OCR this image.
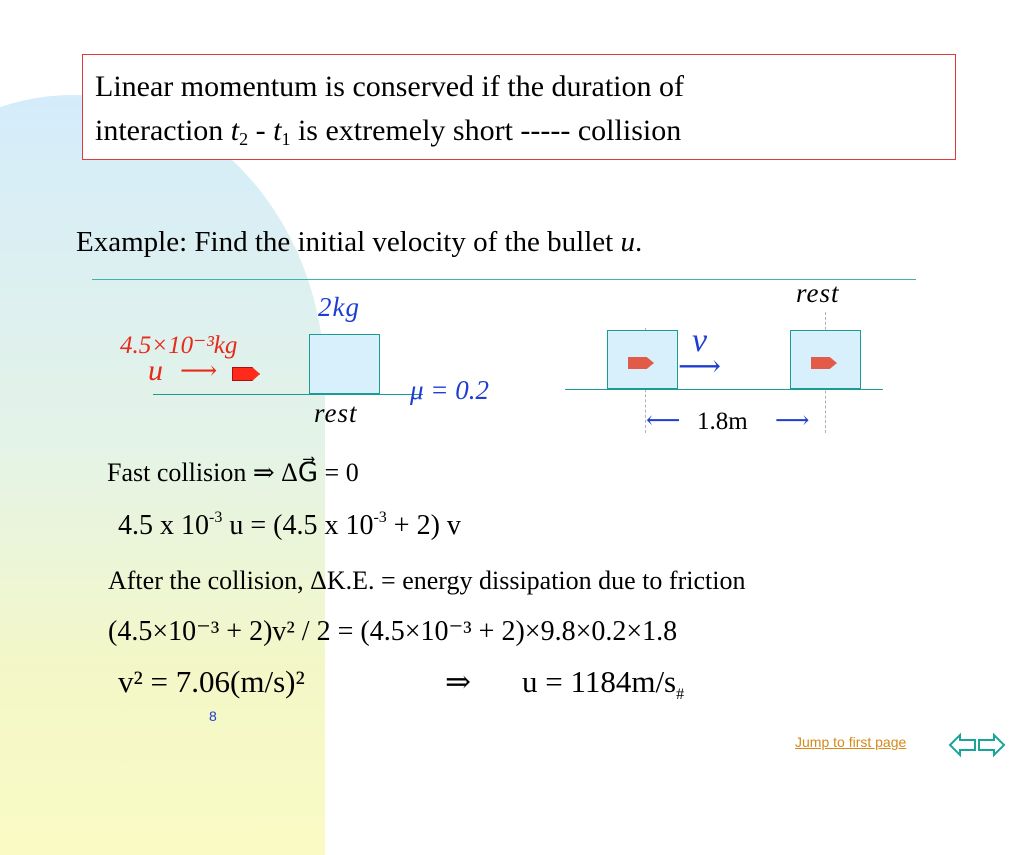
Linear momentum is conserved if the duration of
interaction $t_2 - t_1$ is extremely short ----- collision
Example: Find the initial velocity of the bullet u.
2kg
4.5×10⁻³kg
u ⟶
rest
μ = 0.2
rest
v
⟶
⟵ 1.8m ⟶
Fast collision ⇒ ΔG⃗ = 0
4.5 x $10^{-3}$ u = (4.5 x $10^{-3} + 2$) v
After the collision, ΔK.E. = energy dissipation due to friction
(4.5×10⁻³ + 2)v² / 2 = (4.5×10⁻³ + 2)×9.8×0.2×1.8
v² = 7.06(m/s)²	⇒ $u = 1184m/s_{\#}$
8
Jump to first page
